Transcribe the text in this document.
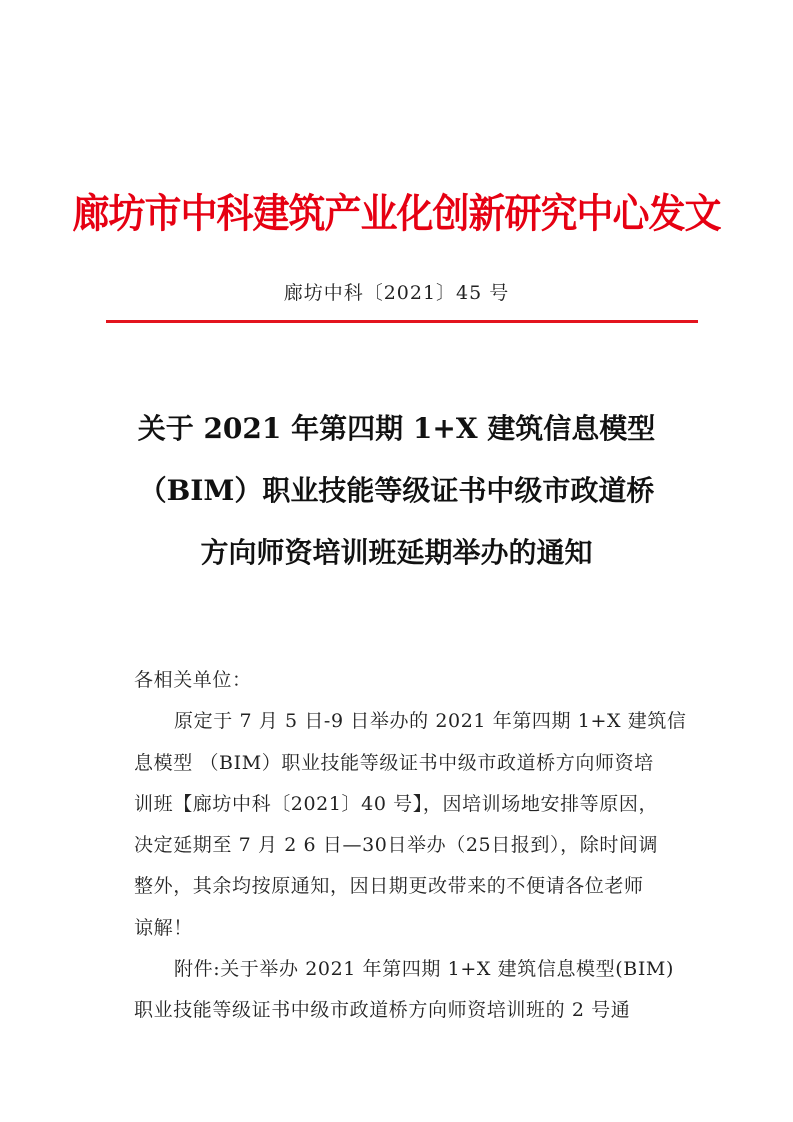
廊坊市中科建筑产业化创新研究中心发文
廊坊中科〔2021〕45 号
关于 2021 年第四期 1+X 建筑信息模型
（BIM）职业技能等级证书中级市政道桥
方向师资培训班延期举办的通知
各相关单位：
原定于 7 月 5 日-9 日举办的 2021 年第四期 1+X 建筑信
息模型 （BIM）职业技能等级证书中级市政道桥方向师资培
训班【廊坊中科〔2021〕40 号】，因培训场地安排等原因，
决定延期至 7 月 2 6 日—30日举办（25日报到），除时间调
整外，其余均按原通知，因日期更改带来的不便请各位老师
谅解！
附件:关于举办 2021 年第四期 1+X 建筑信息模型(BIM)
职业技能等级证书中级市政道桥方向师资培训班的 2 号通
